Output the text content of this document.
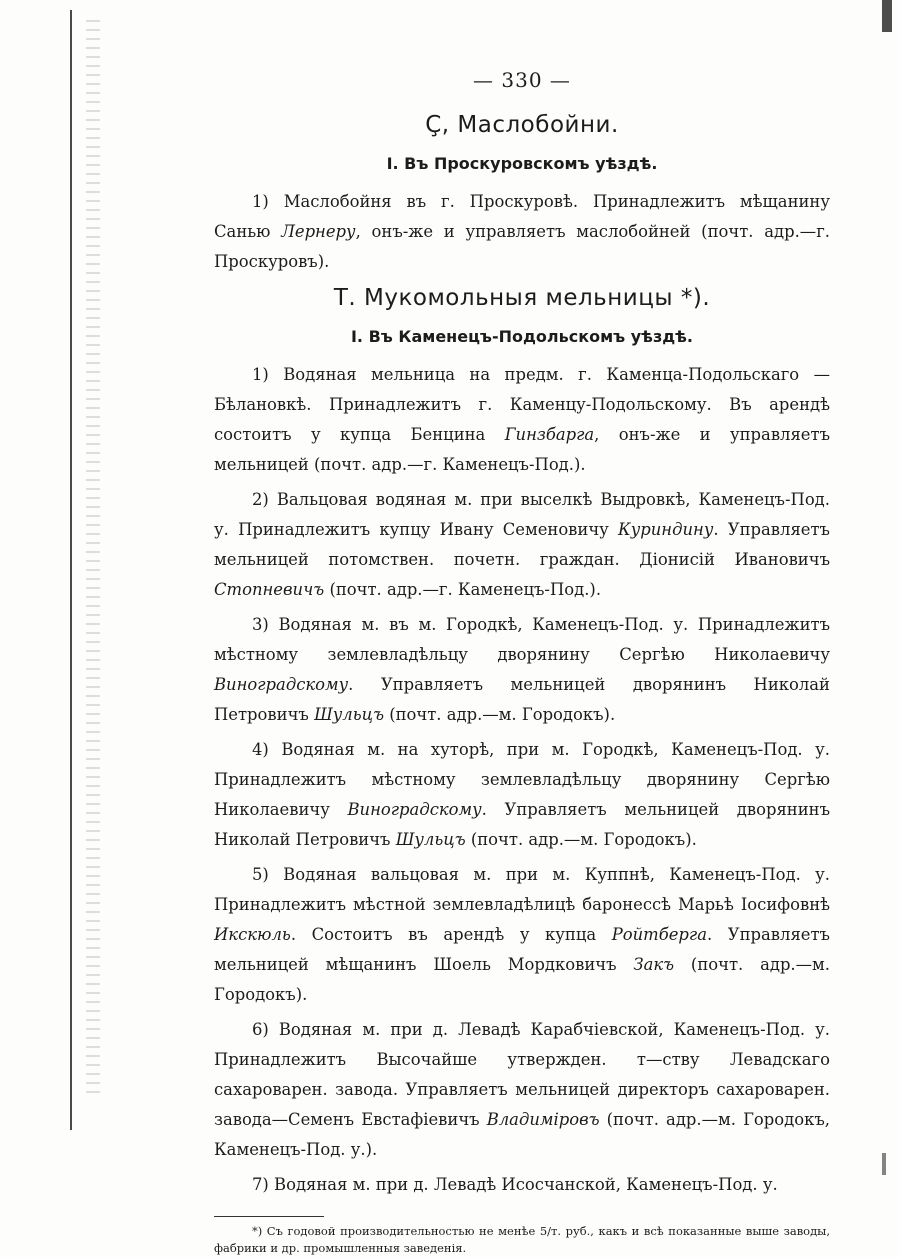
— 330 —
Ç, Маслобойни.
I. Въ Проскуровскомъ уѣздѣ.

1) Маслобойня въ г. Проскуровѣ. Принадлежитъ мѣщанину Санью Лернеру, онъ-же и управляетъ маслобойней (почт. адр.—г. Проскуровъ).

Т. Мукомольныя мельницы *).
I. Въ Каменецъ-Подольскомъ уѣздѣ.

1) Водяная мельница на предм. г. Каменца-Подольскаго — Бѣлановкѣ. Принадлежитъ г. Каменцу-Подольскому. Въ арендѣ состоитъ у купца Бенцина Гинзбарга, онъ-же и управляетъ мельницей (почт. адр.—г. Каменецъ-Под.).

2) Вальцовая водяная м. при выселкѣ Выдровкѣ, Каменецъ-Под. у. Принадлежитъ купцу Ивану Семеновичу Куриндину. Управляетъ мельницей потомствен. почетн. граждан. Діонисій Ивановичъ Стопневичъ (почт. адр.—г. Каменецъ-Под.).

3) Водяная м. въ м. Городкѣ, Каменецъ-Под. у. Принадлежитъ мѣстному землевладѣльцу дворянину Сергѣю Николаевичу Виноградскому. Управляетъ мельницей дворянинъ Николай Петровичъ Шульцъ (почт. адр.—м. Городокъ).

4) Водяная м. на хуторѣ, при м. Городкѣ, Каменецъ-Под. у. Принадлежитъ мѣстному землевладѣльцу дворянину Сергѣю Николаевичу Виноградскому. Управляетъ мельницей дворянинъ Николай Петровичъ Шульцъ (почт. адр.—м. Городокъ).

5) Водяная вальцовая м. при м. Куппнѣ, Каменецъ-Под. у. Принадлежитъ мѣстной землевладѣлицѣ баронессѣ Марьѣ Іосифовнѣ Икскюль. Состоитъ въ арендѣ у купца Ройтберга. Управляетъ мельницей мѣщанинъ Шоель Мордковичъ Закъ (почт. адр.—м. Городокъ).

6) Водяная м. при д. Левадѣ Карабчіевской, Каменецъ-Под. у. Принадлежитъ Высочайше утвержден. т—ству Левадскаго сахароварен. завода. Управляетъ мельницей директоръ сахароварен. завода—Семенъ Евстафіевичъ Владиміровъ (почт. адр.—м. Городокъ, Каменецъ-Под. у.).

7) Водяная м. при д. Левадѣ Исосчанской, Каменецъ-Под. у.

*) Съ годовой производительностью не менѣе 5/т. руб., какъ и всѣ показанные выше заводы, фабрики и др. промышленныя заведенія.
